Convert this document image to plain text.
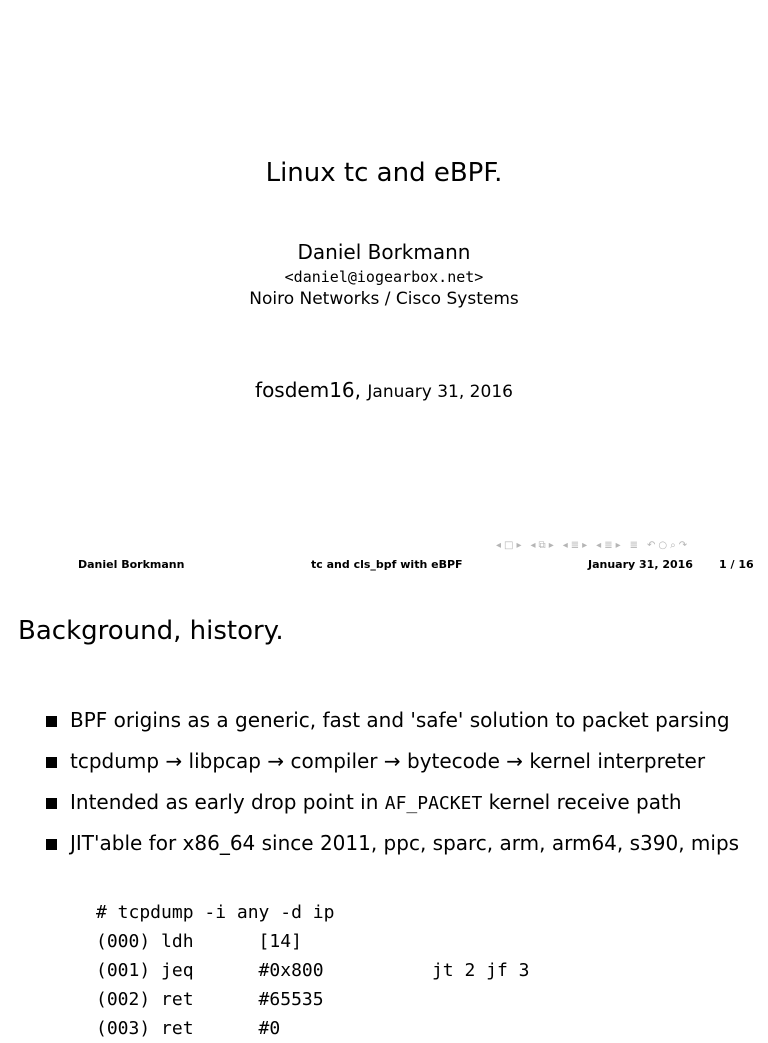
Linux tc and eBPF.
Daniel Borkmann
<daniel@iogearbox.net>
Noiro Networks / Cisco Systems
fosdem16, January 31, 2016
◂ □ ▸ ◂ ⧉ ▸ ◂ ≣ ▸ ◂ ≣ ▸ ≣ ↶ ○ ⌕ ↷
Daniel Borkmann	tc and cls_bpf with eBPF	January 31, 2016 1 / 16
Background, history.
BPF origins as a generic, fast and 'safe' solution to packet parsing
tcpdump → libpcap → compiler → bytecode → kernel interpreter
Intended as early drop point in AF_PACKET kernel receive path
JIT'able for x86_64 since 2011, ppc, sparc, arm, arm64, s390, mips
# tcpdump -i any -d ip
(000) ldh      [14]
(001) jeq      #0x800          jt 2 jf 3
(002) ret      #65535
(003) ret      #0
